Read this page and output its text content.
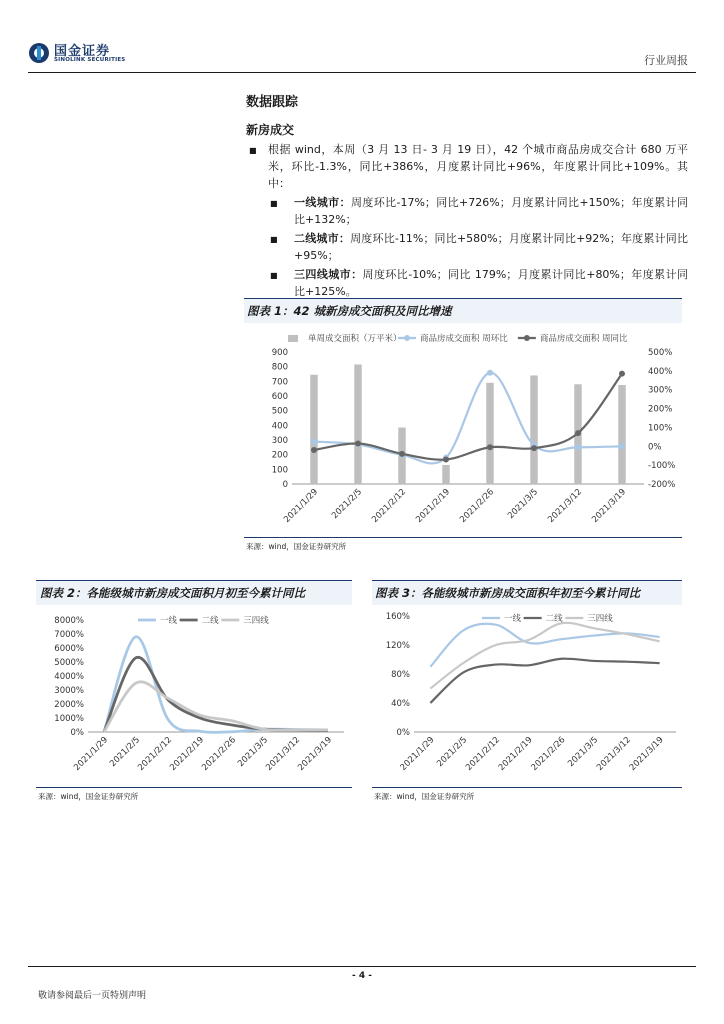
国金证券
SINOLINK SECURITIES	行业周报
数据跟踪
新房成交
■ 根据 wind，本周（3 月 13 日- 3 月 19 日），42 个城市商品房成交合计 680 万平米，环比-1.3%，同比+386%，月度累计同比+96%，年度累计同比+109%。其中：
■ 一线城市：周度环比-17%；同比+726%；月度累计同比+150%；年度累计同比+132%；
■ 二线城市：周度环比-11%；同比+580%；月度累计同比+92%；年度累计同比+95%；
■ 三四线城市：周度环比-10%；同比 179%；月度累计同比+80%；年度累计同比+125%。
图表 1：42 城新房成交面积及同比增速
900
800
700
600
500
400
300
200
100
0
500%
400%
300%
200%
100%
0%
-100%
-200%
2021/1/29 2021/2/5 2021/2/12 2021/2/19 2021/2/26 2021/3/5 2021/3/12 2021/3/19
单周成交面积（万平米） 商品房成交面积 周环比	商品房成交面积 周同比
来源：wind，国金证券研究所
图表 2：各能级城市新房成交面积月初至今累计同比
8000%
7000%
6000%
5000%
4000%
3000%
2000%
1000%
0%
2021/1/29
2021/2/5
2021/2/12
2021/2/19
2021/2/26
2021/3/5
2021/3/12
2021/3/19
一线	二线	三四线
来源：wind，国金证券研究所
图表 3：各能级城市新房成交面积年初至今累计同比
160%
120%
80%
40%
0%
2021/1/29
2021/2/5
2021/2/12
2021/2/19
2021/2/26
2021/3/5
2021/3/12
2021/3/19
一线	二线	三四线
来源：wind，国金证券研究所
- 4 -
敬请参阅最后一页特别声明
